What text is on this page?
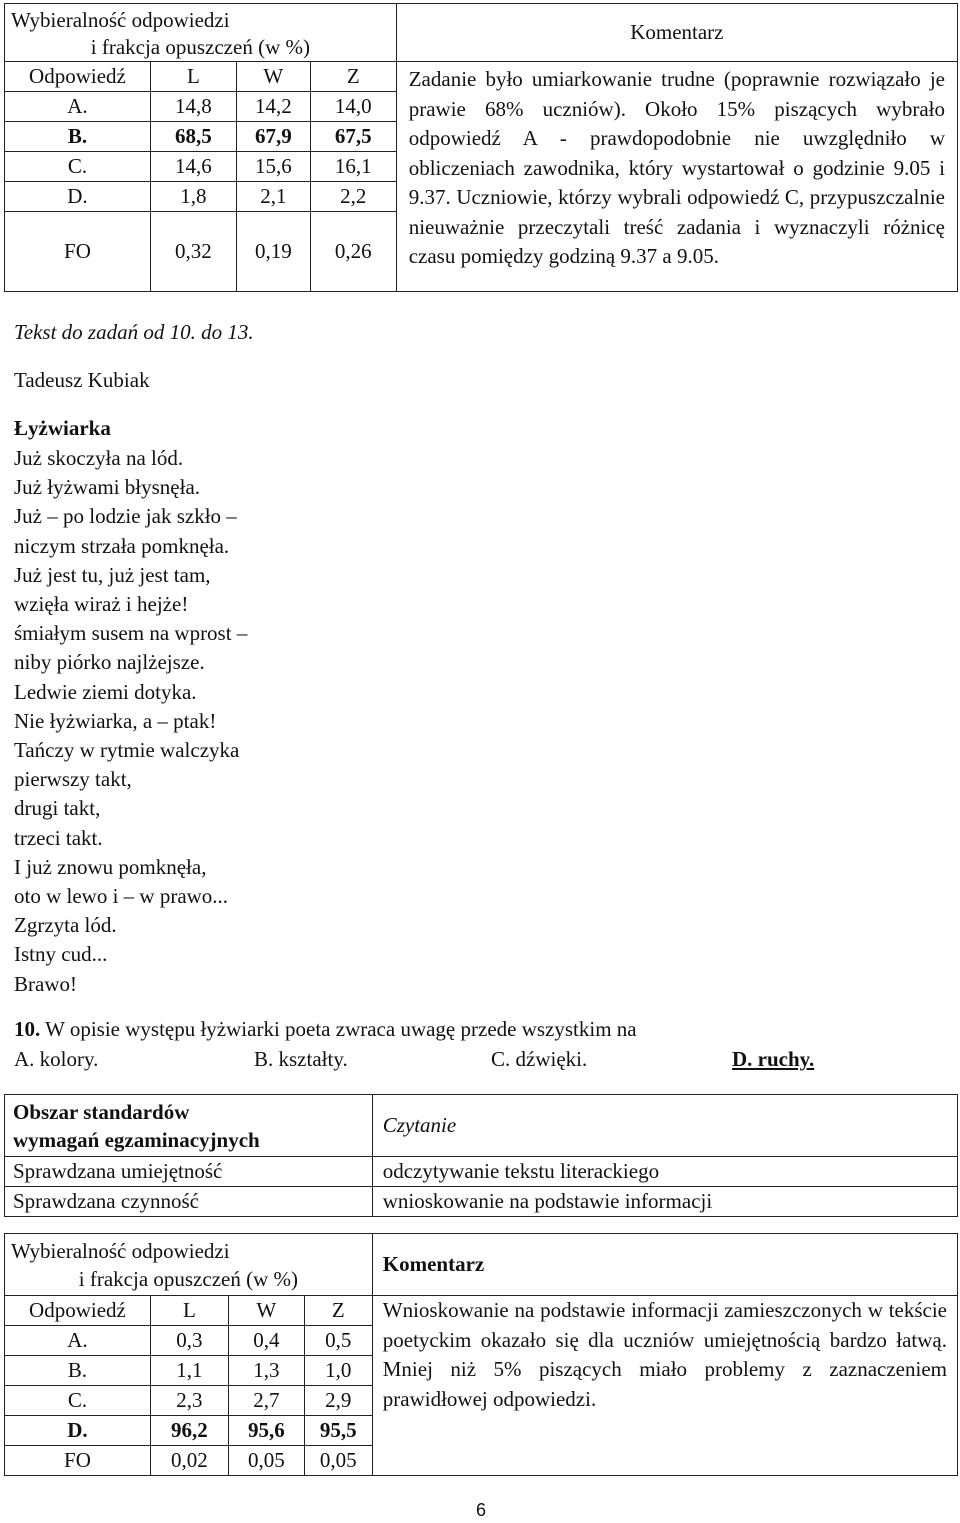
Wybieralność odpowiedzi
i frakcja opuszczeń (w %)				Komentarz
Odpowiedź	L	W	Z	Zadanie było umiarkowanie trudne (poprawnie rozwiązało je prawie 68% uczniów). Około 15% piszących wybrało odpowiedź A - prawdopodobnie nie uwzględniło w obliczeniach zawodnika, który wystartował o godzinie 9.05 i 9.37. Uczniowie, którzy wybrali odpowiedź C, przypuszczalnie nieuważnie przeczytali treść zadania i wyznaczyli różnicę czasu pomiędzy godziną 9.37 a 9.05.
A.	14,8	14,2	14,0	
B.	68,5	67,9	67,5	
C.	14,6	15,6	16,1	
D.	1,8	2,1	2,2	
FO	0,32	0,19	0,26	
Tekst do zadań od 10. do 13.
Tadeusz Kubiak
Łyżwiarka
Już skoczyła na lód.
Już łyżwami błysnęła.
Już – po lodzie jak szkło –
niczym strzała pomknęła.
Już jest tu, już jest tam,
wzięła wiraż i hejże!
śmiałym susem na wprost –
niby piórko najlżejsze.
Ledwie ziemi dotyka.
Nie łyżwiarka, a – ptak!
Tańczy w rytmie walczyka
pierwszy takt,
drugi takt,
trzeci takt.
I już znowu pomknęła,
oto w lewo i – w prawo...
Zgrzyta lód.
Istny cud...
Brawo!
10. W opisie występu łyżwiarki poeta zwraca uwagę przede wszystkim na
A. kolory.	B. kształty.	C. dźwięki.	D. ruchy.
Obszar standardów
wymagań egzaminacyjnych	Czytanie
Sprawdzana umiejętność	odczytywanie tekstu literackiego
Sprawdzana czynność	wnioskowanie na podstawie informacji
Wybieralność odpowiedzi
i frakcja opuszczeń (w %)				Komentarz
Odpowiedź	L	W	Z	Wnioskowanie na podstawie informacji zamieszczonych w tekście poetyckim okazało się dla uczniów umiejętnością bardzo łatwą. Mniej niż 5% piszących miało problemy z zaznaczeniem prawidłowej odpowiedzi.
A.	0,3	0,4	0,5	
B.	1,1	1,3	1,0	
C.	2,3	2,7	2,9	
D.	96,2	95,6	95,5	
FO	0,02	0,05	0,05	
6
